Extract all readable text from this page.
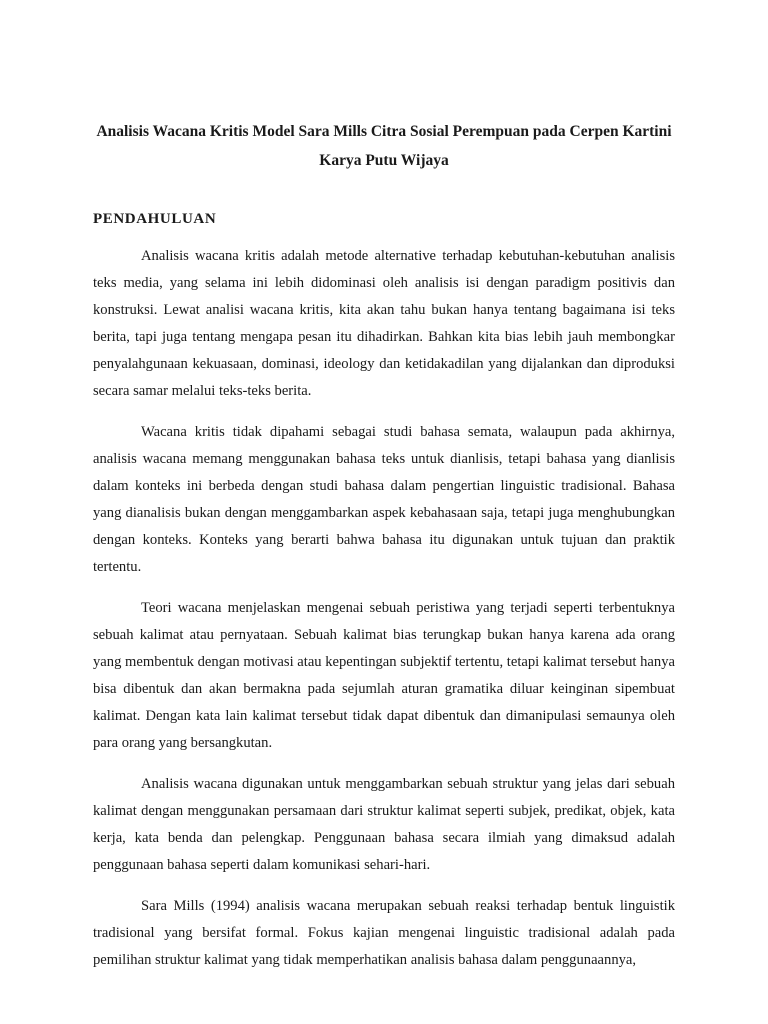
Analisis Wacana Kritis Model Sara Mills Citra Sosial Perempuan pada Cerpen Kartini Karya Putu Wijaya
PENDAHULUAN

Analisis wacana kritis adalah metode alternative terhadap kebutuhan-kebutuhan analisis teks media, yang selama ini lebih didominasi oleh analisis isi dengan paradigm positivis dan konstruksi. Lewat analisi wacana kritis, kita akan tahu bukan hanya tentang bagaimana isi teks berita, tapi juga tentang mengapa pesan itu dihadirkan. Bahkan kita bias lebih jauh membongkar penyalahgunaan kekuasaan, dominasi, ideology dan ketidakadilan yang dijalankan dan diproduksi secara samar melalui teks-teks berita.

Wacana kritis tidak dipahami sebagai studi bahasa semata, walaupun pada akhirnya, analisis wacana memang menggunakan bahasa teks untuk dianlisis, tetapi bahasa yang dianlisis dalam konteks ini berbeda dengan studi bahasa dalam pengertian linguistic tradisional. Bahasa yang dianalisis bukan dengan menggambarkan aspek kebahasaan saja, tetapi juga menghubungkan dengan konteks. Konteks yang berarti bahwa bahasa itu digunakan untuk tujuan dan praktik tertentu.

Teori wacana menjelaskan mengenai sebuah peristiwa yang terjadi seperti terbentuknya sebuah kalimat atau pernyataan. Sebuah kalimat bias terungkap bukan hanya karena ada orang yang membentuk dengan motivasi atau kepentingan subjektif tertentu, tetapi kalimat tersebut hanya bisa dibentuk dan akan bermakna pada sejumlah aturan gramatika diluar keinginan sipembuat kalimat. Dengan kata lain kalimat tersebut tidak dapat dibentuk dan dimanipulasi semaunya oleh para orang yang bersangkutan.

Analisis wacana digunakan untuk menggambarkan sebuah struktur yang jelas dari sebuah kalimat dengan menggunakan persamaan dari struktur kalimat seperti subjek, predikat, objek, kata kerja, kata benda dan pelengkap. Penggunaan bahasa secara ilmiah yang dimaksud adalah penggunaan bahasa seperti dalam komunikasi sehari-hari.

Sara Mills (1994) analisis wacana merupakan sebuah reaksi terhadap bentuk linguistik tradisional yang bersifat formal. Fokus kajian mengenai linguistic tradisional adalah pada pemilihan struktur kalimat yang tidak memperhatikan analisis bahasa dalam penggunaannya,
